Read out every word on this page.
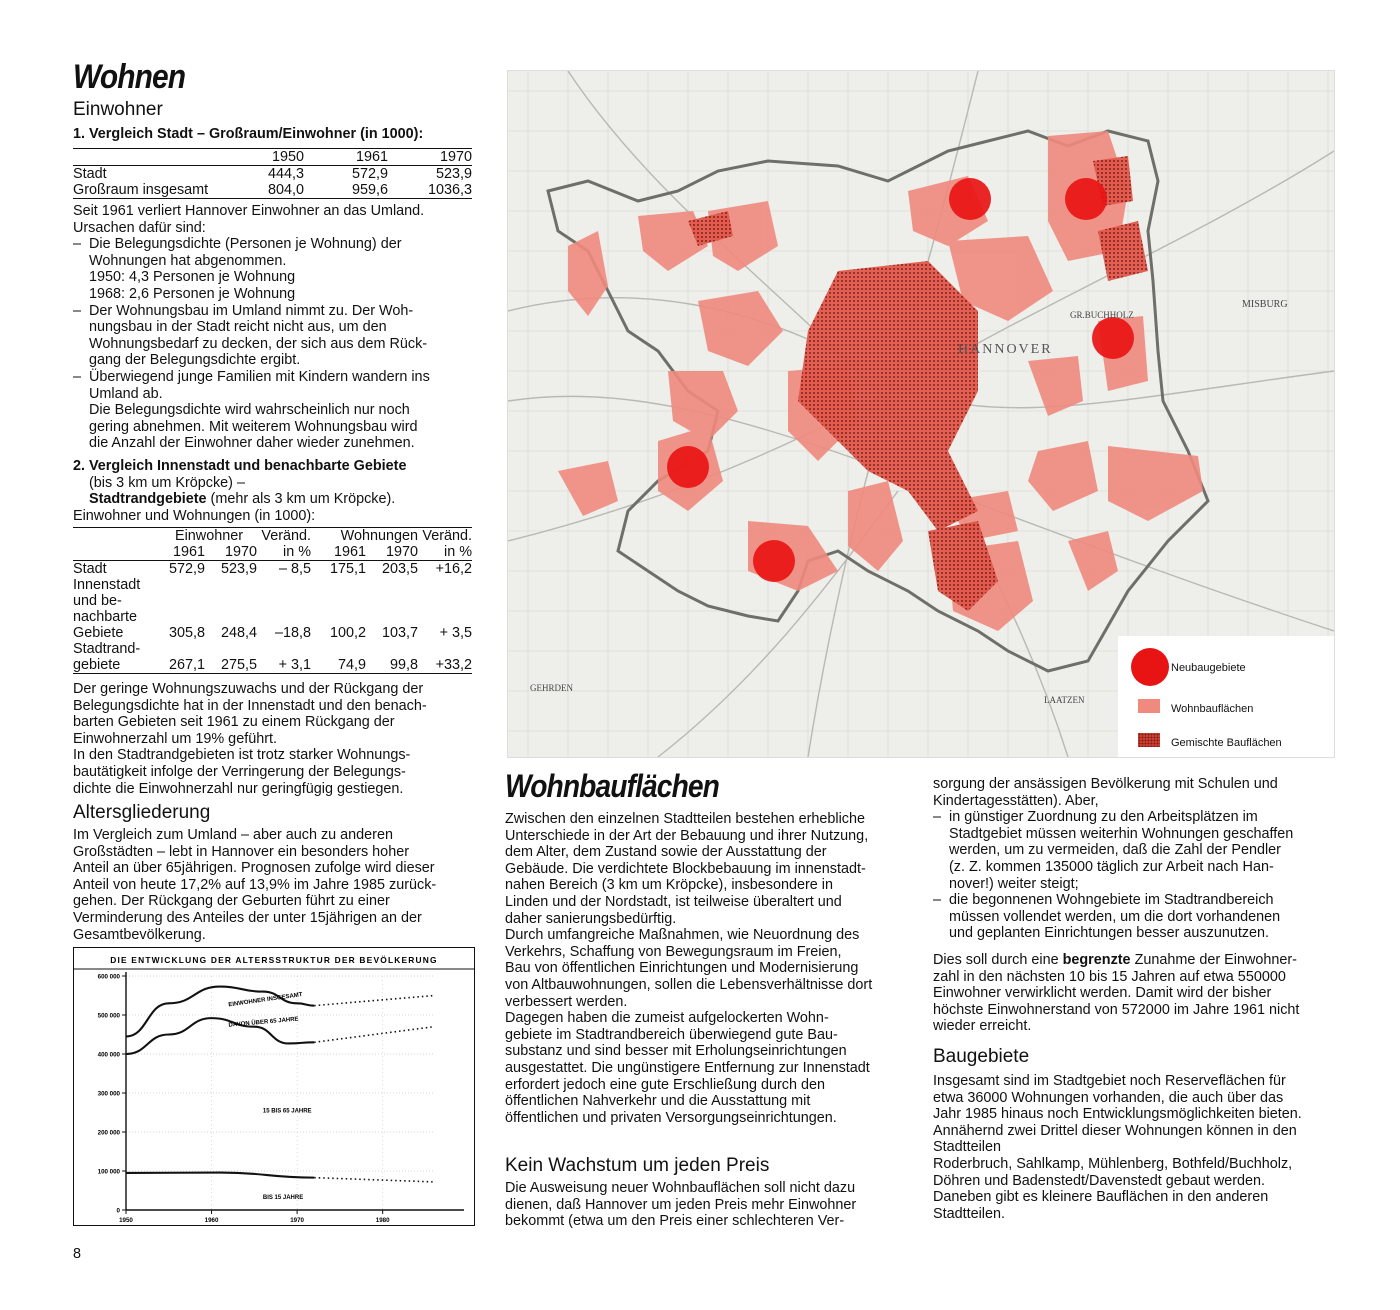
Wohnen
Einwohner
1. Vergleich Stadt – Großraum/Einwohner (in 1000):
	1950	1961	1970
Stadt	444,3	572,9	523,9
Großraum insgesamt	804,0	959,6	1036,3
Seit 1961 verliert Hannover Einwohner an das Umland.
Ursachen dafür sind:
– Die Belegungsdichte (Personen je Wohnung) der
Wohnungen hat abgenommen.
1950: 4,3 Personen je Wohnung
1968: 2,6 Personen je Wohnung
– Der Wohnungsbau im Umland nimmt zu. Der Woh-
nungsbau in der Stadt reicht nicht aus, um den
Wohnungsbedarf zu decken, der sich aus dem Rück-
gang der Belegungsdichte ergibt.
– Überwiegend junge Familien mit Kindern wandern ins
Umland ab.
Die Belegungsdichte wird wahrscheinlich nur noch
gering abnehmen. Mit weiterem Wohnungsbau wird
die Anzahl der Einwohner daher wieder zunehmen.
2. Vergleich Innenstadt und benachbarte Gebiete
(bis 3 km um Kröpcke) –
Stadtrandgebiete (mehr als 3 km um Kröpcke).
Einwohner und Wohnungen (in 1000):
	Einwohner		Veränd.	Wohnungen		Veränd.
	1961	1970	in %	1961	1970	in %
Stadt	572,9	523,9	– 8,5	175,1	203,5	+16,2
Innenstadt						
und be-						
nachbarte						
Gebiete	305,8	248,4	–18,8	100,2	103,7	+ 3,5
Stadtrand-						
gebiete	267,1	275,5	+ 3,1	74,9	99,8	+33,2
Der geringe Wohnungszuwachs und der Rückgang der
Belegungsdichte hat in der Innenstadt und den benach-
barten Gebieten seit 1961 zu einem Rückgang der
Einwohnerzahl um 19% geführt.
In den Stadtrandgebieten ist trotz starker Wohnungs-
bautätigkeit infolge der Verringerung der Belegungs-
dichte die Einwohnerzahl nur geringfügig gestiegen.
Altersgliederung
Im Vergleich zum Umland – aber auch zu anderen
Großstädten – lebt in Hannover ein besonders hoher
Anteil an über 65jährigen. Prognosen zufolge wird dieser
Anteil von heute 17,2% auf 13,9% im Jahre 1985 zurück-
gehen. Der Rückgang der Geburten führt zu einer
Verminderung des Anteiles der unter 15jährigen an der
Gesamtbevölkerung.
DIE ENTWICKLUNG DER ALTERSSTRUKTUR DER BEVÖLKERUNG
0
100 000
200 000
300 000
400 000
500 000
600 000
1950	1960	1970	1980
EINWOHNER INSGESAMT
DAVON ÜBER 65 JAHRE
BIS 15 JAHRE
15 BIS 65 JAHRE
8
HANNOVER
MISBURG
LAATZEN
GEHRDEN
GR.BUCHHOLZ
Neubaugebiete
Wohnbauflächen
Gemischte Bauflächen
Wohnbauflächen
Zwischen den einzelnen Stadtteilen bestehen erhebliche
Unterschiede in der Art der Bebauung und ihrer Nutzung,
dem Alter, dem Zustand sowie der Ausstattung der
Gebäude. Die verdichtete Blockbebauung im innenstadt-
nahen Bereich (3 km um Kröpcke), insbesondere in
Linden und der Nordstadt, ist teilweise überaltert und
daher sanierungsbedürftig.
Durch umfangreiche Maßnahmen, wie Neuordnung des
Verkehrs, Schaffung von Bewegungsraum im Freien,
Bau von öffentlichen Einrichtungen und Modernisierung
von Altbauwohnungen, sollen die Lebensverhältnisse dort
verbessert werden.
Dagegen haben die zumeist aufgelockerten Wohn-
gebiete im Stadtrandbereich überwiegend gute Bau-
substanz und sind besser mit Erholungseinrichtungen
ausgestattet. Die ungünstigere Entfernung zur Innenstadt
erfordert jedoch eine gute Erschließung durch den
öffentlichen Nahverkehr und die Ausstattung mit
öffentlichen und privaten Versorgungseinrichtungen.
Kein Wachstum um jeden Preis
Die Ausweisung neuer Wohnbauflächen soll nicht dazu
dienen, daß Hannover um jeden Preis mehr Einwohner
bekommt (etwa um den Preis einer schlechteren Ver-
sorgung der ansässigen Bevölkerung mit Schulen und
Kindertagesstätten). Aber,
– in günstiger Zuordnung zu den Arbeitsplätzen im
Stadtgebiet müssen weiterhin Wohnungen geschaffen
werden, um zu vermeiden, daß die Zahl der Pendler
(z. Z. kommen 135000 täglich zur Arbeit nach Han-
nover!) weiter steigt;
– die begonnenen Wohngebiete im Stadtrandbereich
müssen vollendet werden, um die dort vorhandenen
und geplanten Einrichtungen besser auszunutzen.
Dies soll durch eine begrenzte Zunahme der Einwohner-
zahl in den nächsten 10 bis 15 Jahren auf etwa 550000
Einwohner verwirklicht werden. Damit wird der bisher
höchste Einwohnerstand von 572000 im Jahre 1961 nicht
wieder erreicht.
Baugebiete
Insgesamt sind im Stadtgebiet noch Reserveflächen für
etwa 36000 Wohnungen vorhanden, die auch über das
Jahr 1985 hinaus noch Entwicklungsmöglichkeiten bieten.
Annähernd zwei Drittel dieser Wohnungen können in den
Stadtteilen
Roderbruch, Sahlkamp, Mühlenberg, Bothfeld/Buchholz,
Döhren und Badenstedt/Davenstedt gebaut werden.
Daneben gibt es kleinere Bauflächen in den anderen
Stadtteilen.
